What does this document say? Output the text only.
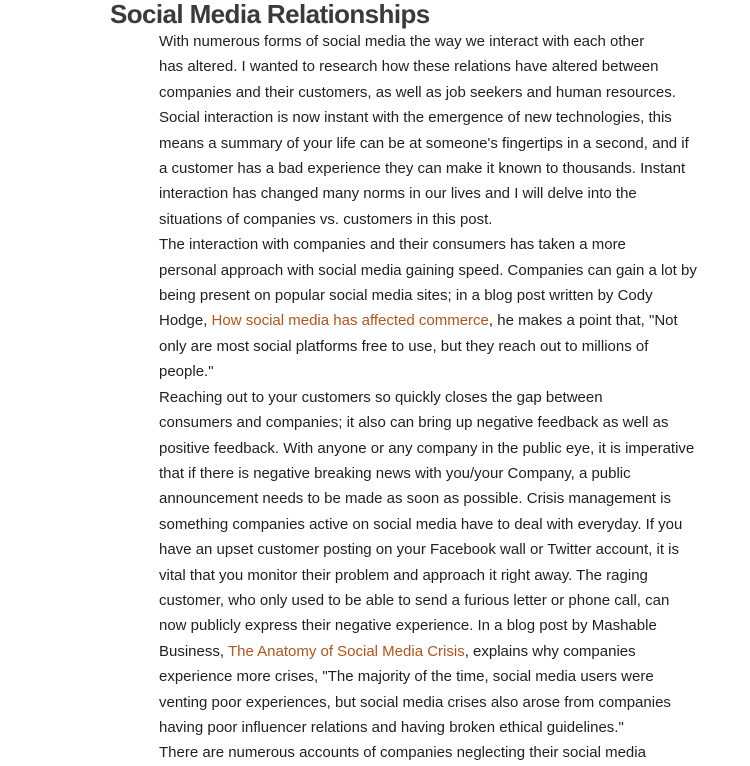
Social Media Relationships

With numerous forms of social media the way we interact with each other
has altered. I wanted to research how these relations have altered between
companies and their customers, as well as job seekers and human resources.
Social interaction is now instant with the emergence of new technologies, this
means a summary of your life can be at someone's fingertips in a second, and if
a customer has a bad experience they can make it known to thousands. Instant
interaction has changed many norms in our lives and I will delve into the
situations of companies vs. customers in this post.

The interaction with companies and their consumers has taken a more
personal approach with social media gaining speed. Companies can gain a lot by
being present on popular social media sites; in a blog post written by Cody
Hodge, How social media has affected commerce, he makes a point that, "Not
only are most social platforms free to use, but they reach out to millions of
people."

Reaching out to your customers so quickly closes the gap between
consumers and companies; it also can bring up negative feedback as well as
positive feedback. With anyone or any company in the public eye, it is imperative
that if there is negative breaking news with you/your Company, a public
announcement needs to be made as soon as possible. Crisis management is
something companies active on social media have to deal with everyday. If you
have an upset customer posting on your Facebook wall or Twitter account, it is
vital that you monitor their problem and approach it right away. The raging
customer, who only used to be able to send a furious letter or phone call, can
now publicly express their negative experience. In a blog post by Mashable
Business, The Anatomy of Social Media Crisis, explains why companies
experience more crises, "The majority of the time, social media users were
venting poor experiences, but social media crises also arose from companies
having poor influencer relations and having broken ethical guidelines."

There are numerous accounts of companies neglecting their social media
